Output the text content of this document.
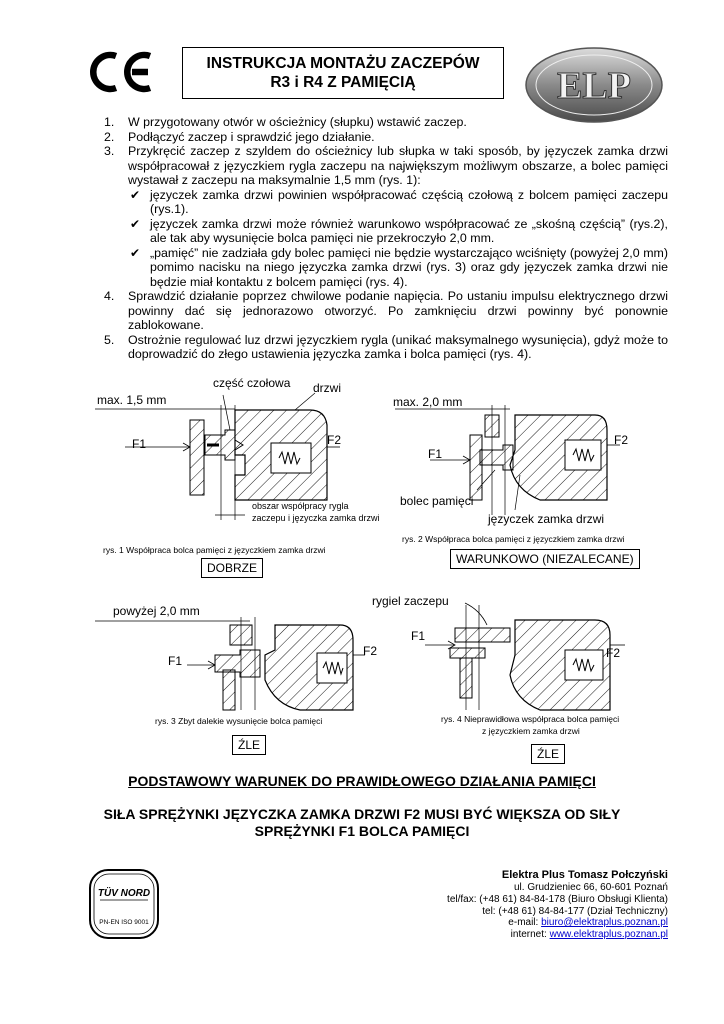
INSTRUKCJA MONTAŻU ZACZEPÓW
R3 i R4 Z PAMIĘCIĄ	ELP
1. W przygotowany otwór w ościeżnicy (słupku) wstawić zaczep.
2. Podłączyć zaczep i sprawdzić jego działanie.
3. Przykręcić zaczep z szyldem do ościeżnicy lub słupka w taki sposób, by języczek zamka drzwi współpracował z języczkiem rygla zaczepu na największym możliwym obszarze, a bolec pamięci wystawał z zaczepu na maksymalnie 1,5 mm (rys. 1):
✔ języczek zamka drzwi powinien współpracować częścią czołową z bolcem pamięci zaczepu (rys.1).
✔ języczek zamka drzwi może również warunkowo współpracować ze „skośną częścią” (rys.2), ale tak aby wysunięcie bolca pamięci nie przekroczyło 2,0 mm.
✔ „pamięć” nie zadziała gdy bolec pamięci nie będzie wystarczająco wciśnięty (powyżej 2,0 mm) pomimo nacisku na niego języczka zamka drzwi (rys. 3) oraz gdy języczek zamka drzwi nie będzie miał kontaktu z bolcem pamięci (rys. 4).
4. Sprawdzić działanie poprzez chwilowe podanie napięcia. Po ustaniu impulsu elektrycznego drzwi powinny dać się jednorazowo otworzyć. Po zamknięciu drzwi powinny być ponownie zablokowane.
5. Ostrożnie regulować luz drzwi języczkiem rygla (unikać maksymalnego wysunięcia), gdyż może to doprowadzić do złego ustawienia języczka zamka i bolca pamięci (rys. 4).
część czołowa drzwi
max. 1,5 mm
F1	F2
obszar współpracy rygla
zaczepu i języczka zamka drzwi
rys. 1 Współpraca bolca pamięci z języczkiem zamka drzwi
DOBRZE
max. 2,0 mm
F1
F2
bolec pamięci
języczek zamka drzwi
rys. 2 Współpraca bolca pamięci z języczkiem zamka drzwi
WARUNKOWO (NIEZALECANE)
powyżej 2,0 mm
F1
F2
rys. 3 Zbyt dalekie wysunięcie bolca pamięci
ŹLE
rygiel zaczepu
F1
F2
rys. 4 Nieprawidłowa współpraca bolca pamięci
z języczkiem zamka drzwi
ŹLE
PODSTAWOWY WARUNEK DO PRAWIDŁOWEGO DZIAŁANIA PAMIĘCI
SIŁA SPRĘŻYNKI JĘZYCZKA ZAMKA DRZWI F2 MUSI BYĆ WIĘKSZA OD SIŁY
SPRĘŻYNKI F1 BOLCA PAMIĘCI
TÜV NORD
PN-EN ISO 9001
Elektra Plus Tomasz Połczyński
ul. Grudzieniec 66, 60-601 Poznań
tel/fax: (+48 61) 84-84-178 (Biuro Obsługi Klienta)
tel: (+48 61) 84-84-177 (Dział Techniczny)
e-mail: biuro@elektraplus.poznan.pl
internet: www.elektraplus.poznan.pl
